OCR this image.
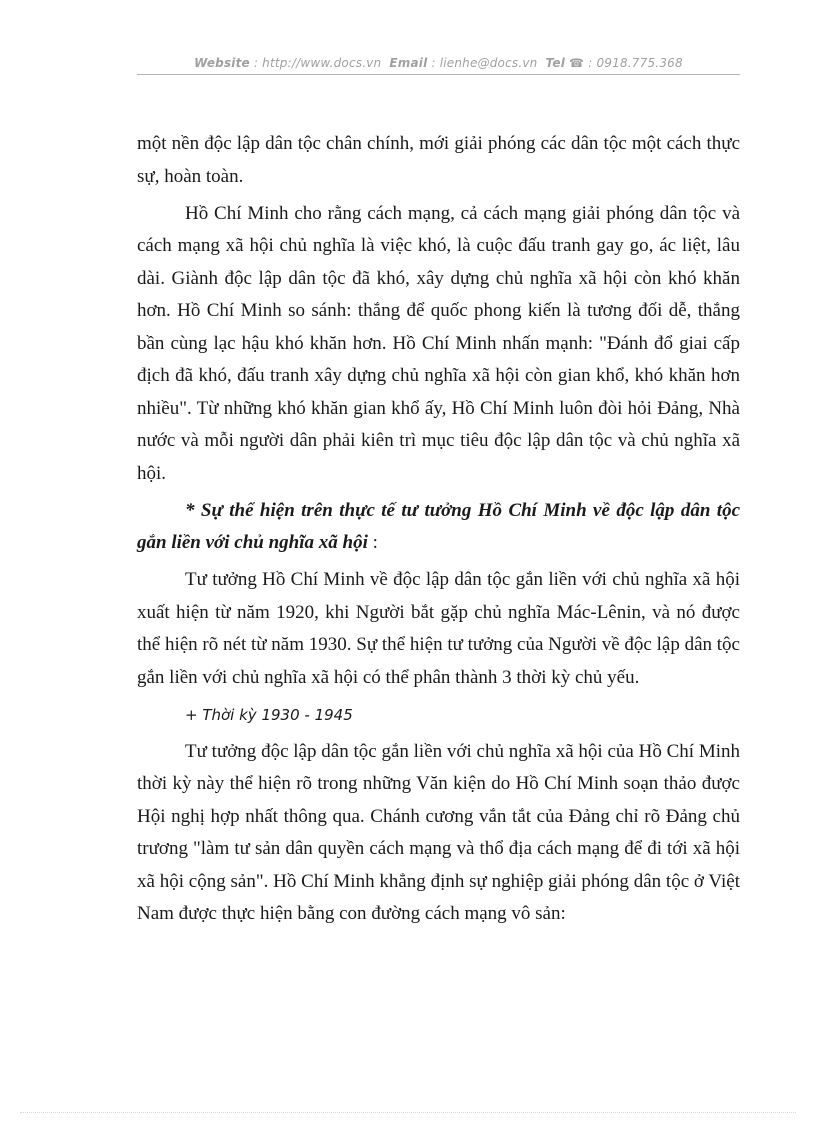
Website : http://www.docs.vn Email : lienhe@docs.vn Tel ☎ : 0918.775.368

một nền độc lập dân tộc chân chính, mới giải phóng các dân tộc một cách thực sự, hoàn toàn.

Hồ Chí Minh cho rằng cách mạng, cả cách mạng giải phóng dân tộc và cách mạng xã hội chủ nghĩa là việc khó, là cuộc đấu tranh gay go, ác liệt, lâu dài. Giành độc lập dân tộc đã khó, xây dựng chủ nghĩa xã hội còn khó khăn hơn. Hồ Chí Minh so sánh: thắng để quốc phong kiến là tương đối dễ, thắng bần cùng lạc hậu khó khăn hơn. Hồ Chí Minh nhấn mạnh: "Đánh đổ giai cấp địch đã khó, đấu tranh xây dựng chủ nghĩa xã hội còn gian khổ, khó khăn hơn nhiều". Từ những khó khăn gian khổ ấy, Hồ Chí Minh luôn đòi hỏi Đảng, Nhà nước và mỗi người dân phải kiên trì mục tiêu độc lập dân tộc và chủ nghĩa xã hội.

* Sự thể hiện trên thực tế tư tưởng Hồ Chí Minh về độc lập dân tộc gắn liền với chủ nghĩa xã hội :

Tư tưởng Hồ Chí Minh về độc lập dân tộc gắn liền với chủ nghĩa xã hội xuất hiện từ năm 1920, khi Người bắt gặp chủ nghĩa Mác-Lênin, và nó được thể hiện rõ nét từ năm 1930. Sự thể hiện tư tưởng của Người về độc lập dân tộc gắn liền với chủ nghĩa xã hội có thể phân thành 3 thời kỳ chủ yếu.

+ Thời kỳ 1930 - 1945

Tư tưởng độc lập dân tộc gắn liền với chủ nghĩa xã hội của Hồ Chí Minh thời kỳ này thể hiện rõ trong những Văn kiện do Hồ Chí Minh soạn thảo được Hội nghị hợp nhất thông qua. Chánh cương vắn tắt của Đảng chỉ rõ Đảng chủ trương "làm tư sản dân quyền cách mạng và thổ địa cách mạng để đi tới xã hội xã hội cộng sản". Hồ Chí Minh khẳng định sự nghiệp giải phóng dân tộc ở Việt Nam được thực hiện bằng con đường cách mạng vô sản:
